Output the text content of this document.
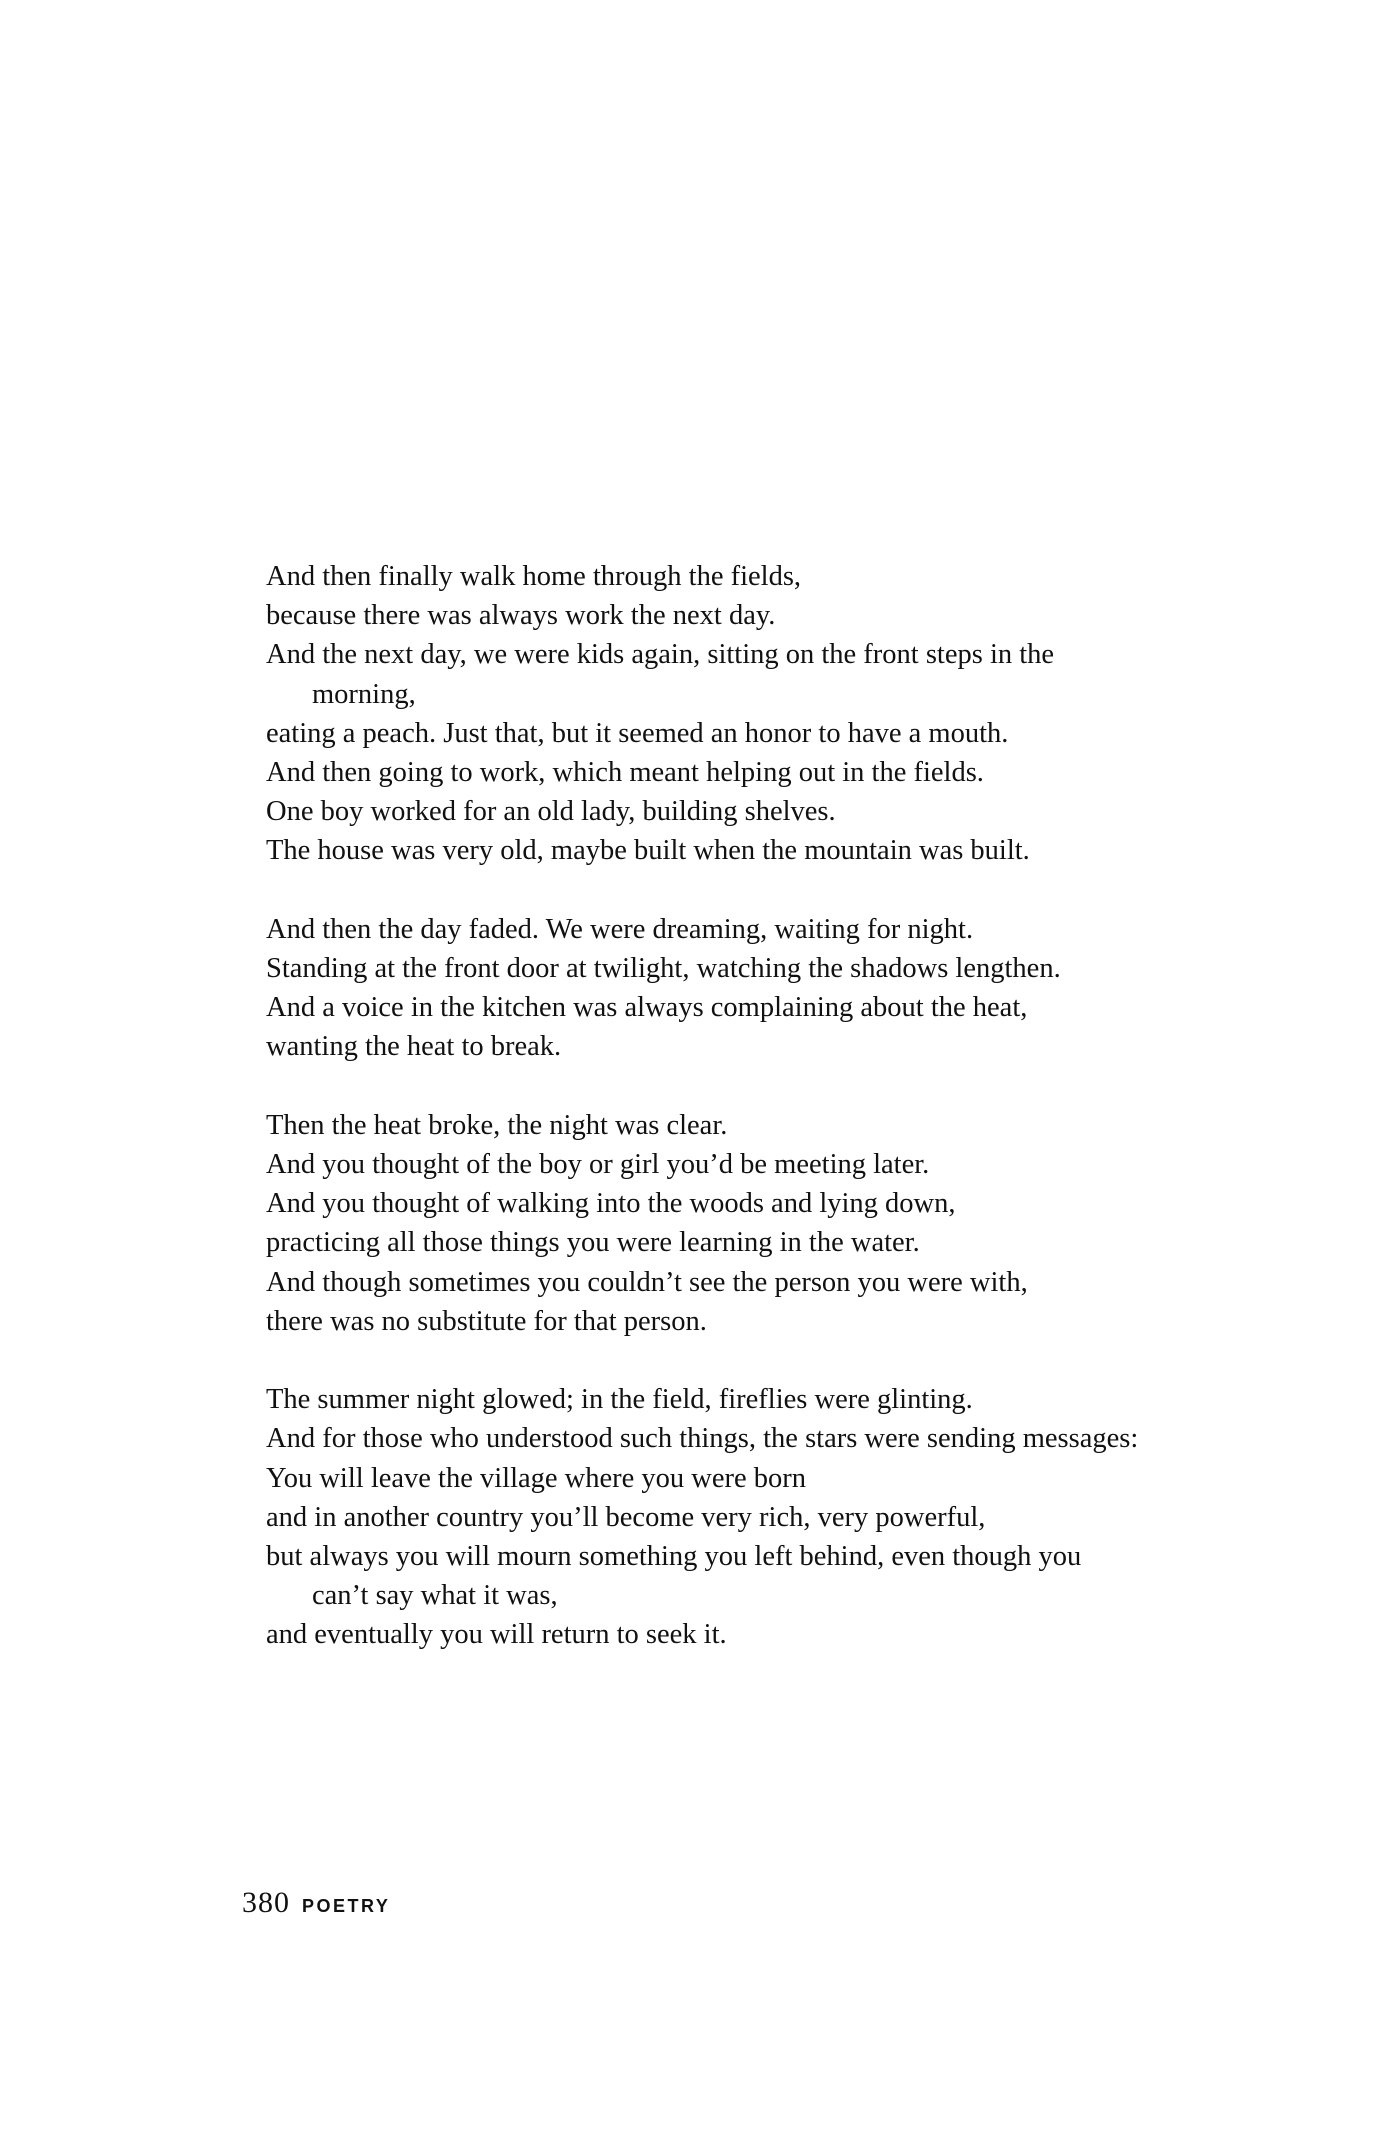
And then finally walk home through the fields,
because there was always work the next day.
And the next day, we were kids again, sitting on the front steps in the morning,
eating a peach. Just that, but it seemed an honor to have a mouth.
And then going to work, which meant helping out in the fields.
One boy worked for an old lady, building shelves.
The house was very old, maybe built when the mountain was built.
And then the day faded. We were dreaming, waiting for night.
Standing at the front door at twilight, watching the shadows lengthen.
And a voice in the kitchen was always complaining about the heat,
wanting the heat to break.
Then the heat broke, the night was clear.
And you thought of the boy or girl you’d be meeting later.
And you thought of walking into the woods and lying down,
practicing all those things you were learning in the water.
And though sometimes you couldn’t see the person you were with,
there was no substitute for that person.
The summer night glowed; in the field, fireflies were glinting.
And for those who understood such things, the stars were sending messages:
You will leave the village where you were born
and in another country you’ll become very rich, very powerful,
but always you will mourn something you left behind, even though you can’t say what it was,
and eventually you will return to seek it.
380 POETRY
